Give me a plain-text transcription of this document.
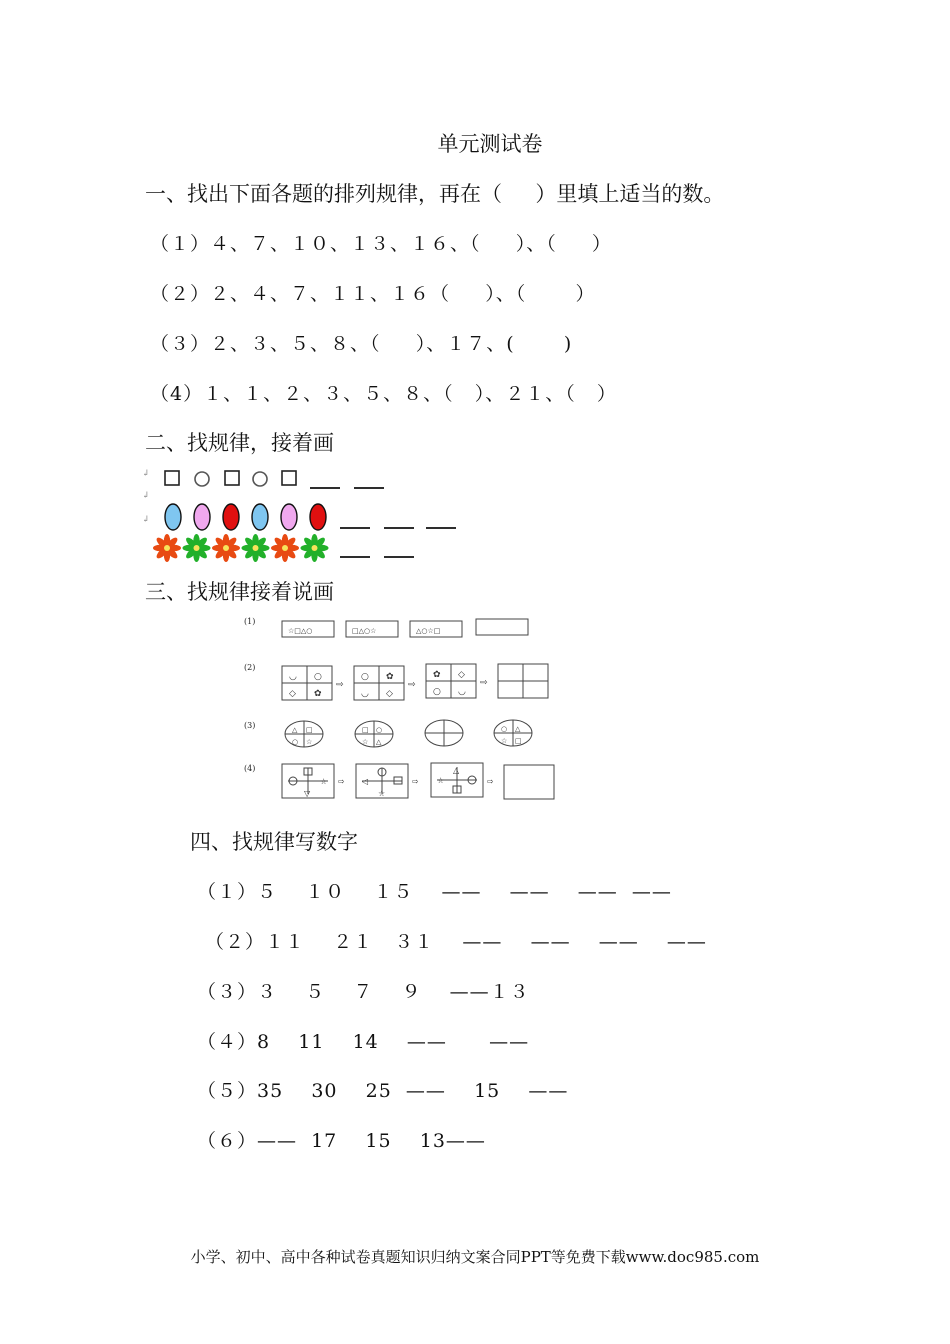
单元测试卷
一、找出下面各题的排列规律，再在（     ）里填上适当的数。
（１）４、７、１０、１３、１６、（     ）、（     ）
（２）２、４、７、１１、１６（     ）、（       ）
（３）２、３、５、８、（     ）、１７、(       )
（4）１、１、２、３、５、８、（   ）、２１、（   ）
二、找规律，接着画
↲
↲
↲
三、找规律接着说画
(1)
(2)
(3)
(4)
☆□△○	□△○☆	△○☆□
◡ ○
◇ ✿
○ ✿
◡ ◇
✿ ◇
○ ◡
⇨	⇨	⇨
△ □
○ ☆
□ ○
☆ △
○ △
☆ □
☆
▽
◁
☆
☆
△
⇨	⇨	⇨
四、找规律写数字
（１）５    １０    １５    ——    ——    ——  ——
（２）１１    ２１   ３１    ——    ——    ——    ——
（３）３    ５    ７    ９    ——１３
（４）8    11    14    ——      ——
（５）35    30    25  ——    15    ——
（６）——  17    15    13——
小学、初中、高中各种试卷真题知识归纳文案合同PPT等免费下载www.doc985.com
